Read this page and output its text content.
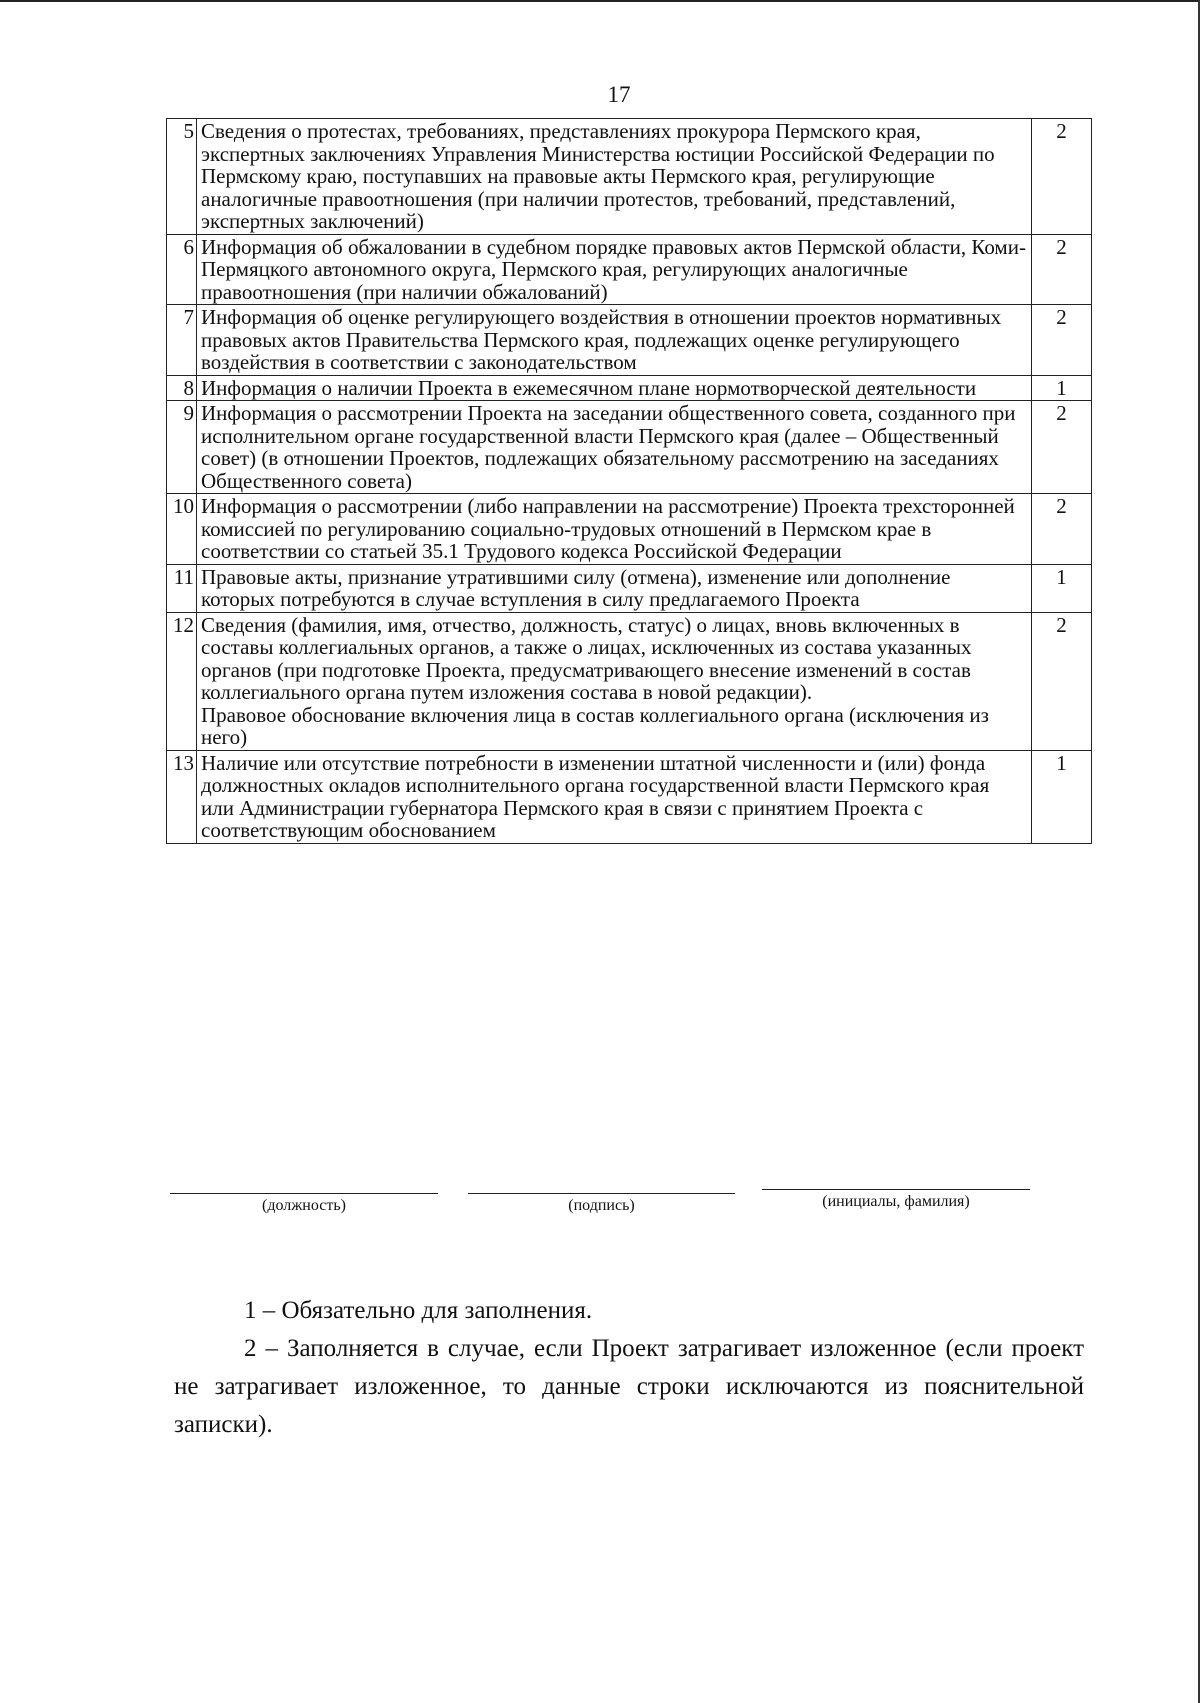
17
5	Сведения о протестах, требованиях, представлениях прокурора Пермского края, экспертных заключениях Управления Министерства юстиции Российской Федерации по Пермскому краю, поступавших на правовые акты Пермского края, регулирующие аналогичные правоотношения (при наличии протестов, требований, представлений, экспертных заключений)	2
6	Информация об обжаловании в судебном порядке правовых актов Пермской области, Коми-Пермяцкого автономного округа, Пермского края, регулирующих аналогичные правоотношения (при наличии обжалований)	2
7	Информация об оценке регулирующего воздействия в отношении проектов нормативных правовых актов Правительства Пермского края, подлежащих оценке регулирующего воздействия в соответствии с законодательством	2
8	Информация о наличии Проекта в ежемесячном плане нормотворческой деятельности	1
9	Информация о рассмотрении Проекта на заседании общественного совета, созданного при исполнительном органе государственной власти Пермского края (далее – Общественный совет) (в отношении Проектов, подлежащих обязательному рассмотрению на заседаниях Общественного совета)	2
10	Информация о рассмотрении (либо направлении на рассмотрение) Проекта трехсторонней комиссией по регулированию социально-трудовых отношений в Пермском крае в соответствии со статьей 35.1 Трудового кодекса Российской Федерации	2
11	Правовые акты, признание утратившими силу (отмена), изменение или дополнение которых потребуются в случае вступления в силу предлагаемого Проекта	1
12	Сведения (фамилия, имя, отчество, должность, статус) о лицах, вновь включенных в составы коллегиальных органов, а также о лицах, исключенных из состава указанных органов (при подготовке Проекта, предусматривающего внесение изменений в состав коллегиального органа путем изложения состава в новой редакции).
Правовое обоснование включения лица в состав коллегиального органа (исключения из него)	2
13	Наличие или отсутствие потребности в изменении штатной численности и (или) фонда должностных окладов исполнительного органа государственной власти Пермского края или Администрации губернатора Пермского края в связи с принятием Проекта с соответствующим обоснованием	1
(должность)	(подпись)	(инициалы, фамилия)

1 – Обязательно для заполнения.

2 – Заполняется в случае, если Проект затрагивает изложенное (если проект не затрагивает изложенное, то данные строки исключаются из пояснительной записки).
